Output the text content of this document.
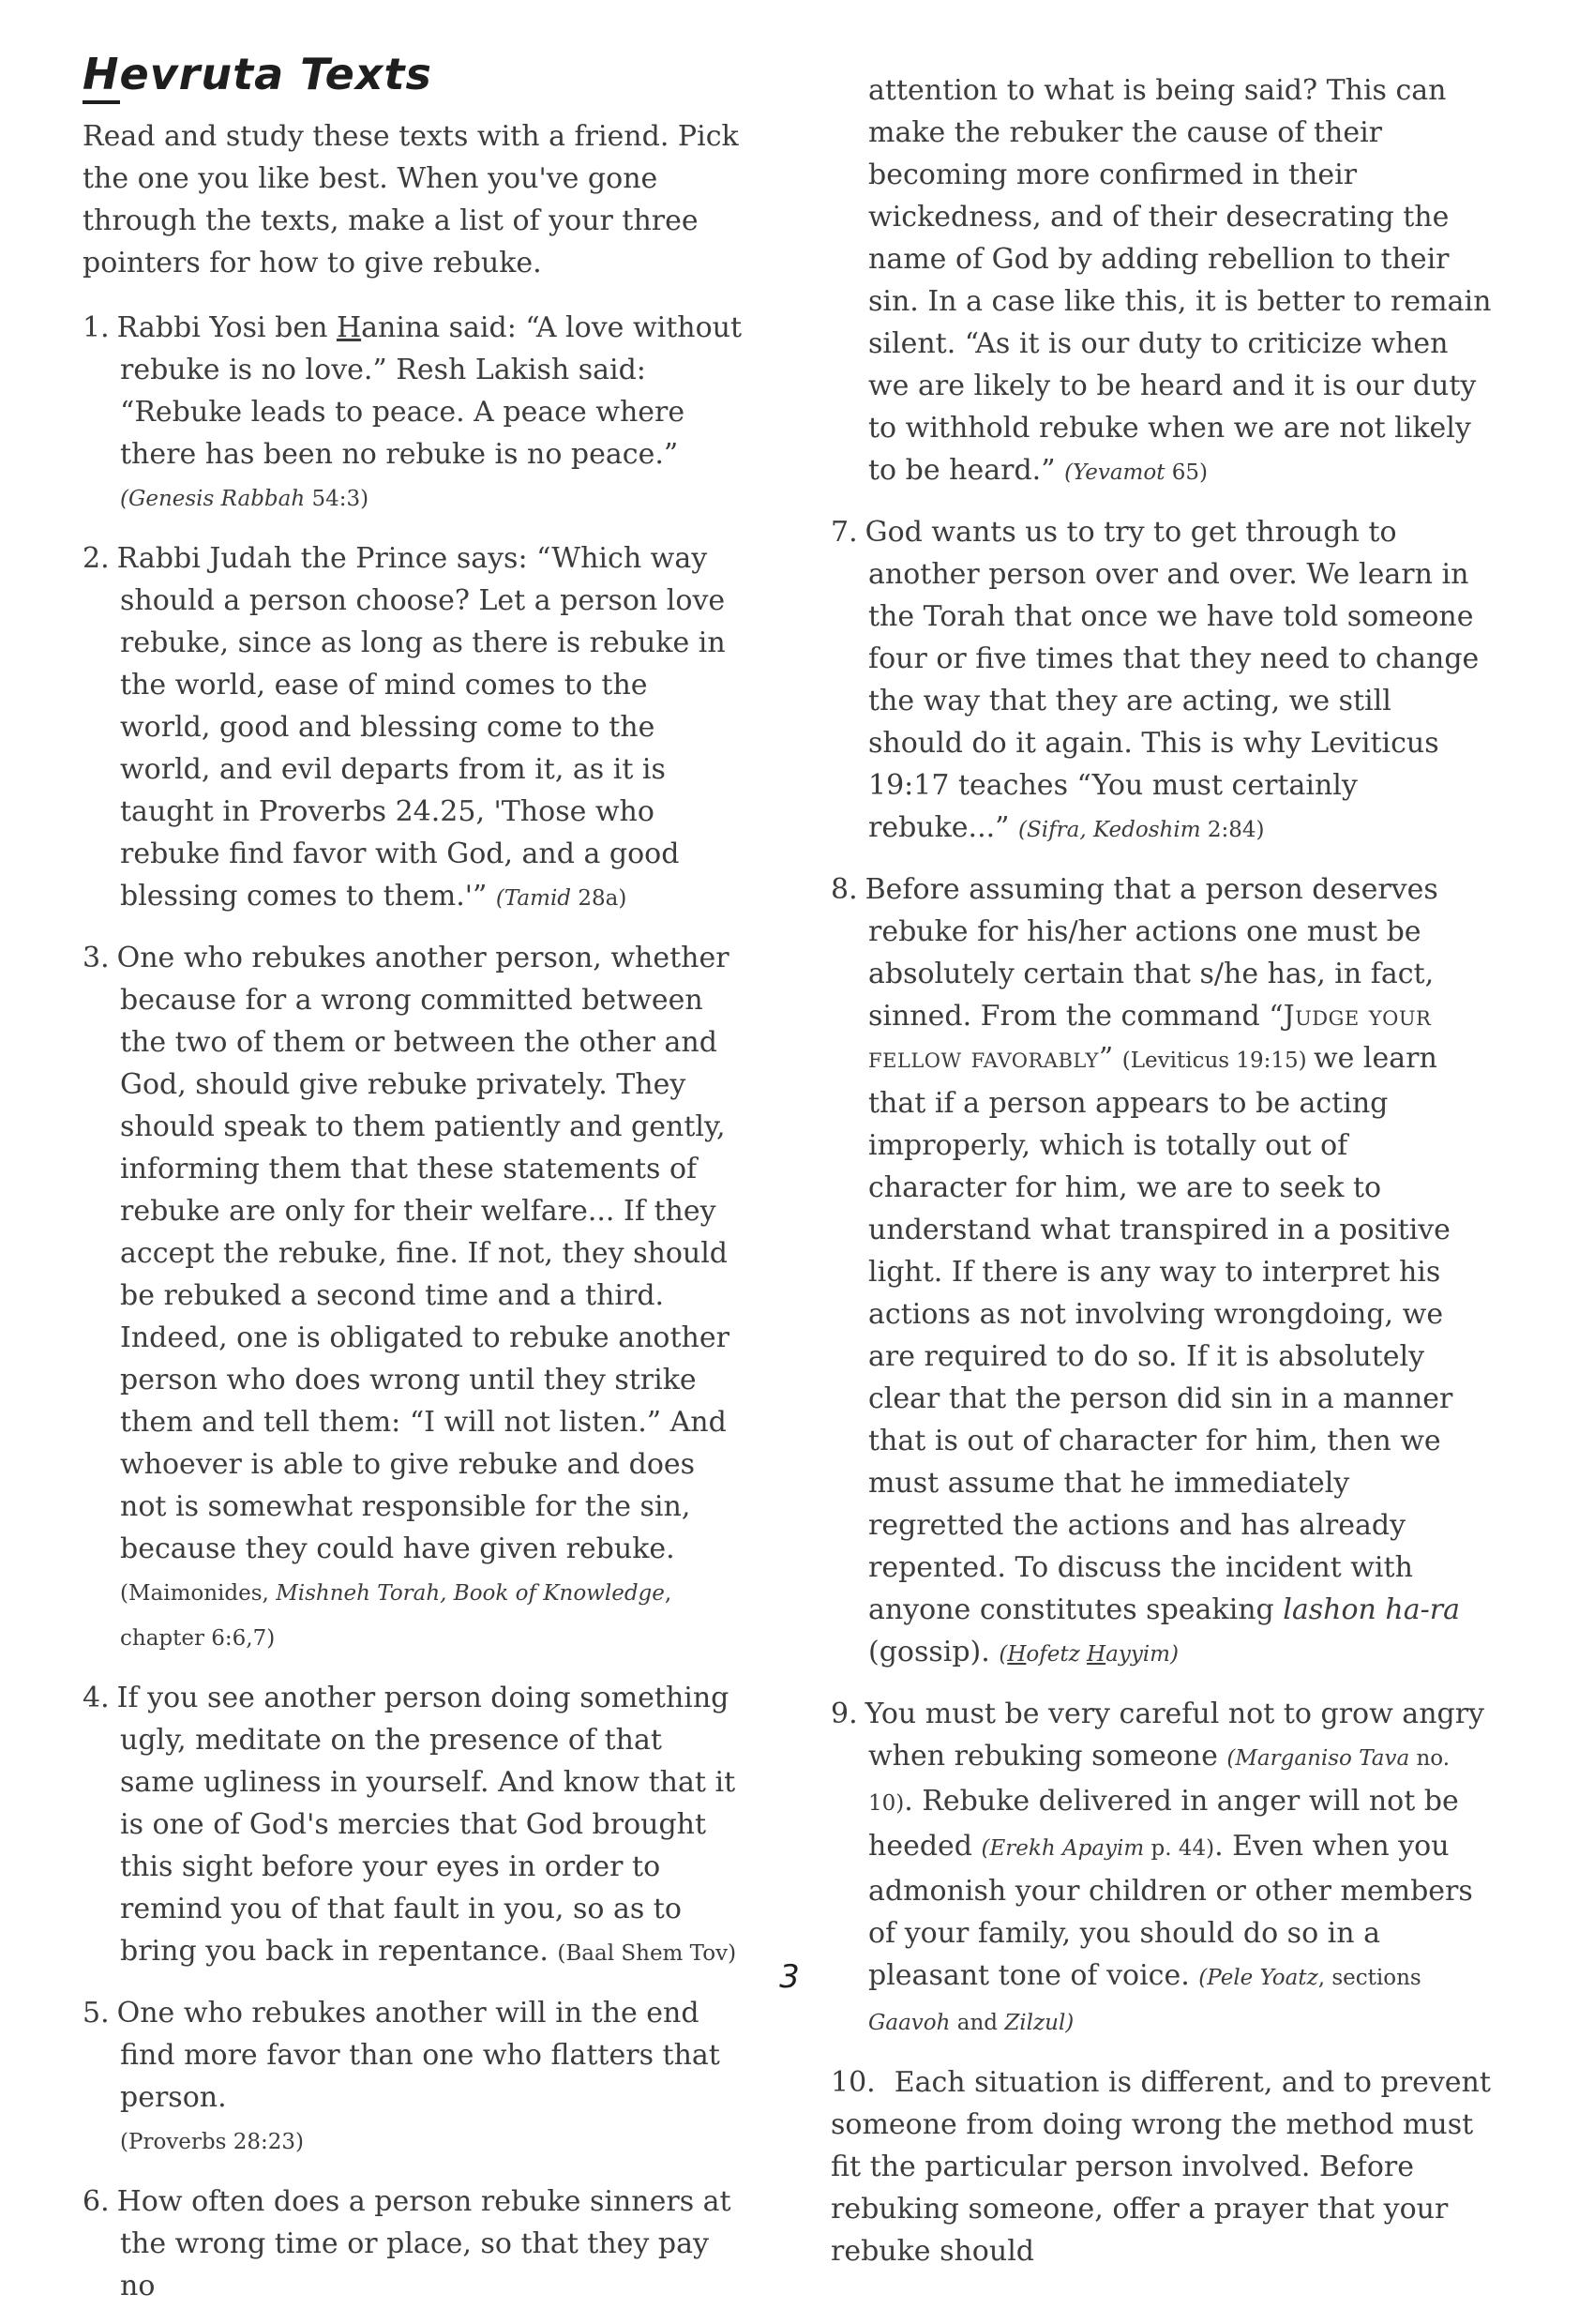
Hevruta Texts

Read and study these texts with a friend. Pick the one you like best. When you've gone through the texts, make a list of your three pointers for how to give rebuke.

1. Rabbi Yosi ben Hanina said: “A love without rebuke is no love.” Resh Lakish said: “Rebuke leads to peace. A peace where there has been no rebuke is no peace.” (Genesis Rabbah 54:3)

2. Rabbi Judah the Prince says: “Which way should a person choose? Let a person love rebuke, since as long as there is rebuke in the world, ease of mind comes to the world, good and blessing come to the world, and evil departs from it, as it is taught in Proverbs 24.25, 'Those who rebuke find favor with God, and a good blessing comes to them.'” (Tamid 28a)

3. One who rebukes another person, whether because for a wrong committed between the two of them or between the other and God, should give rebuke privately. They should speak to them patiently and gently, informing them that these statements of rebuke are only for their welfare... If they accept the rebuke, fine. If not, they should be rebuked a second time and a third. Indeed, one is obligated to rebuke another person who does wrong until they strike them and tell them: “I will not listen.” And whoever is able to give rebuke and does not is somewhat responsible for the sin, because they could have given rebuke.
(Maimonides, Mishneh Torah, Book of Knowledge, chapter 6:6,7)

4. If you see another person doing something ugly, meditate on the presence of that same ugliness in yourself. And know that it is one of God's mercies that God brought this sight before your eyes in order to remind you of that fault in you, so as to bring you back in repentance. (Baal Shem Tov)

5. One who rebukes another will in the end find more favor than one who flatters that person.
(Proverbs 28:23)

6. How often does a person rebuke sinners at the wrong time or place, so that they pay no

attention to what is being said? This can make the rebuker the cause of their becoming more confirmed in their wickedness, and of their desecrating the name of God by adding rebellion to their sin. In a case like this, it is better to remain silent. “As it is our duty to criticize when we are likely to be heard and it is our duty to withhold rebuke when we are not likely to be heard.” (Yevamot 65)

7. God wants us to try to get through to another person over and over. We learn in the Torah that once we have told someone four or five times that they need to change the way that they are acting, we still should do it again. This is why Leviticus 19:17 teaches “You must certainly rebuke...” (Sifra, Kedoshim 2:84)

8. Before assuming that a person deserves rebuke for his/her actions one must be absolutely certain that s/he has, in fact, sinned. From the command “Judge your fellow favorably” (Leviticus 19:15) we learn that if a person appears to be acting improperly, which is totally out of character for him, we are to seek to understand what transpired in a positive light. If there is any way to interpret his actions as not involving wrongdoing, we are required to do so. If it is absolutely clear that the person did sin in a manner that is out of character for him, then we must assume that he immediately regretted the actions and has already repented. To discuss the incident with anyone constitutes speaking lashon ha-ra (gossip). (Hofetz Hayyim)

9. You must be very careful not to grow angry when rebuking someone (Marganiso Tava no. 10). Rebuke delivered in anger will not be heeded (Erekh Apayim p. 44). Even when you admonish your children or other members of your family, you should do so in a pleasant tone of voice. (Pele Yoatz, sections Gaavoh and Zilzul)

10. Each situation is different, and to prevent someone from doing wrong the method must fit the particular person involved. Before rebuking someone, offer a prayer that your rebuke should

3
